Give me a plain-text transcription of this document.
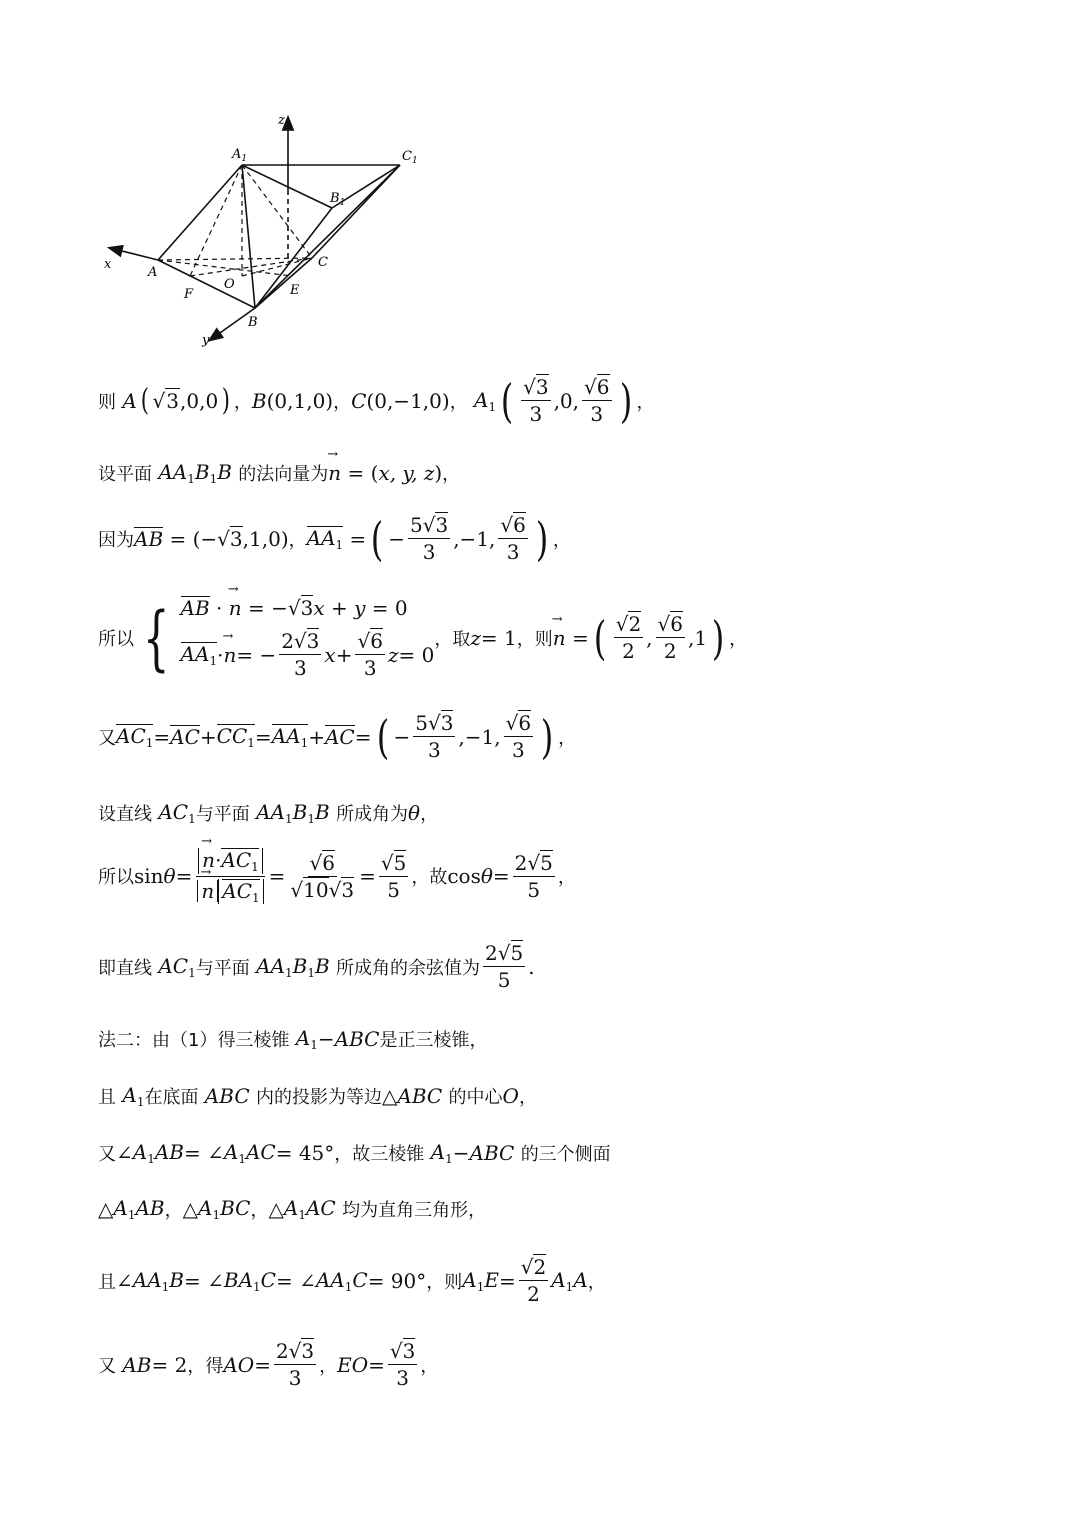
z
x
y
$A_1$	$C_1$
$B_1$
A
B
C
O
F	E
则 A ( √3,0,0 ) ， B (0,1,0) ， C (0,−1,0) ， $A_1$ ( $\frac{√3}{3} ,0$, $\frac{√6}{3}$ ) ，
设平面 $AA_1B_1B$ 的法向量为 → n = ( x, y, z ) ，
因为 AB = (−√3,1,0) ， $AA_1$ = ( − $\frac{5√3}{3} ,-1$, $\frac{√6}{3}$ ) ，
所以 { AB · → n = −√3x + y = 0
$AA_1$ · → n = − $\frac{2√3}{3}$ $x + \frac{√6}{3}$ z = 0
，取 z = 1 ，则 → n = ( $\frac{√2}{2}$ , $\frac{√6}{2} ,1$ ) ，
又 $AC_1$ = AC + $CC_1 = AA_1$ + AC = ( − $\frac{5√3}{3} ,-1$, $\frac{√6}{3}$ ) ，
设直线 $AC_1$ 与平面 $AA_1B_1B$ 所成角为 θ ，
所以 sin θ = → $n\cdot AC_1$
→ n $AC_1 = \frac{√6}{√10√3} = \frac{√5}{5}$ ，故 $\cos \theta = \frac{2√5}{5}$ ，
即直线 $AC_1$ 与平面 $AA_1B_1B$ 所成角的余弦值为 $\frac{2√5}{5}$ .
法二：由（1）得三棱锥 $A_1$ − ABC 是正三棱锥，
且 $A_1$ 在底面 ABC 内的投影为等边 △ ABC 的中心 O ，
又 ∠ $A_1AB$ = ∠ $A_1AC = 45^\circ$ ，故三棱锥 $A_1$ − ABC 的三个侧面
△ $A_1AB$ ， △ $A_1BC$ ， △ $A_1AC$ 均为直角三角形，
且 ∠ $AA_1B$ = ∠ $BA_1C$ = ∠ $AA_1C = 90^\circ$ ，则 $A_1E = \frac{√2}{2} A_1A$ ，
又 AB = 2 ，得 AO = $\frac{2√3}{3}$ ， EO = $\frac{√3}{3}$ ，
